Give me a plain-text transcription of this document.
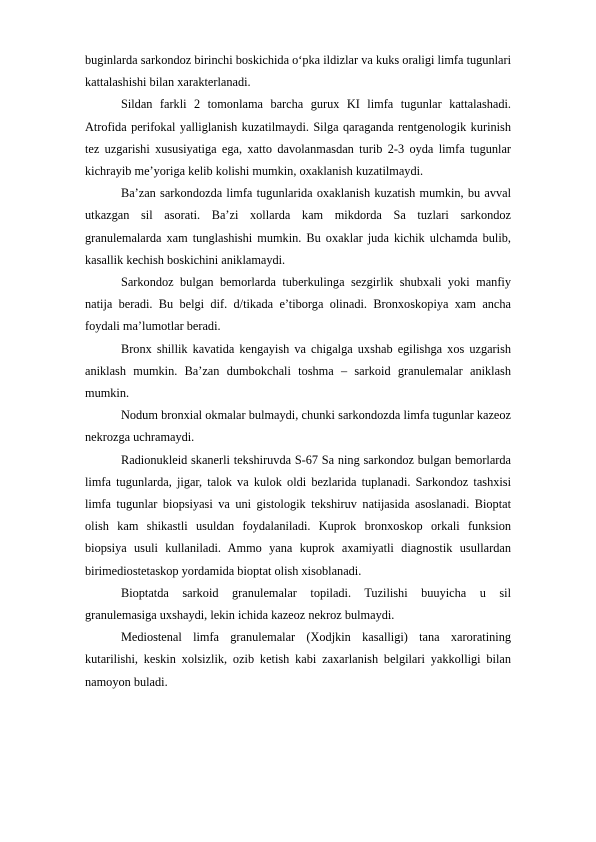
buginlarda sarkondoz birinchi boskichida o‘pka ildizlar va kuks oraligi limfa tugunlari kattalashishi bilan xarakterlanadi.

Sildan farkli 2 tomonlama barcha gurux KI limfa tugunlar kattalashadi. Atrofida perifokal yalliglanish kuzatilmaydi. Silga qaraganda rentgenologik kurinish tez uzgarishi xususiyatiga ega, xatto davolanmasdan turib 2-3 oyda limfa tugunlar kichrayib me’yoriga kelib kolishi mumkin, oxaklanish kuzatilmaydi.

Ba’zan sarkondozda limfa tugunlarida oxaklanish kuzatish mumkin, bu avval utkazgan sil asorati. Ba’zi xollarda kam mikdorda Sa tuzlari sarkondoz granulemalarda xam tunglashishi mumkin. Bu oxaklar juda kichik ulchamda bulib, kasallik kechish boskichini aniklamaydi.

Sarkondoz bulgan bemorlarda tuberkulinga sezgirlik shubxali yoki manfiy natija beradi. Bu belgi dif. d/tikada e’tiborga olinadi. Bronxoskopiya xam ancha foydali ma’lumotlar beradi.

Bronx shillik kavatida kengayish va chigalga uxshab egilishga xos uzgarish aniklash mumkin. Ba’zan dumbokchali toshma – sarkoid granulemalar aniklash mumkin.

Nodum bronxial okmalar bulmaydi, chunki sarkondozda limfa tugunlar kazeoz nekrozga uchramaydi.

Radionukleid skanerli tekshiruvda S-67 Sa ning sarkondoz bulgan bemorlarda limfa tugunlarda, jigar, talok va kulok oldi bezlarida tuplanadi. Sarkondoz tashxisi limfa tugunlar biopsiyasi va uni gistologik tekshiruv natijasida asoslanadi. Bioptat olish kam shikastli usuldan foydalaniladi. Kuprok bronxoskop orkali funksion biopsiya usuli kullaniladi. Ammo yana kuprok axamiyatli diagnostik usullardan birimediostetaskop yordamida bioptat olish xisoblanadi.

Bioptatda sarkoid granulemalar topiladi. Tuzilishi buuyicha u sil granulemasiga uxshaydi, lekin ichida kazeoz nekroz bulmaydi.

Mediostenal limfa granulemalar (Xodjkin kasalligi) tana xaroratining kutarilishi, keskin xolsizlik, ozib ketish kabi zaxarlanish belgilari yakkolligi bilan namoyon buladi.
